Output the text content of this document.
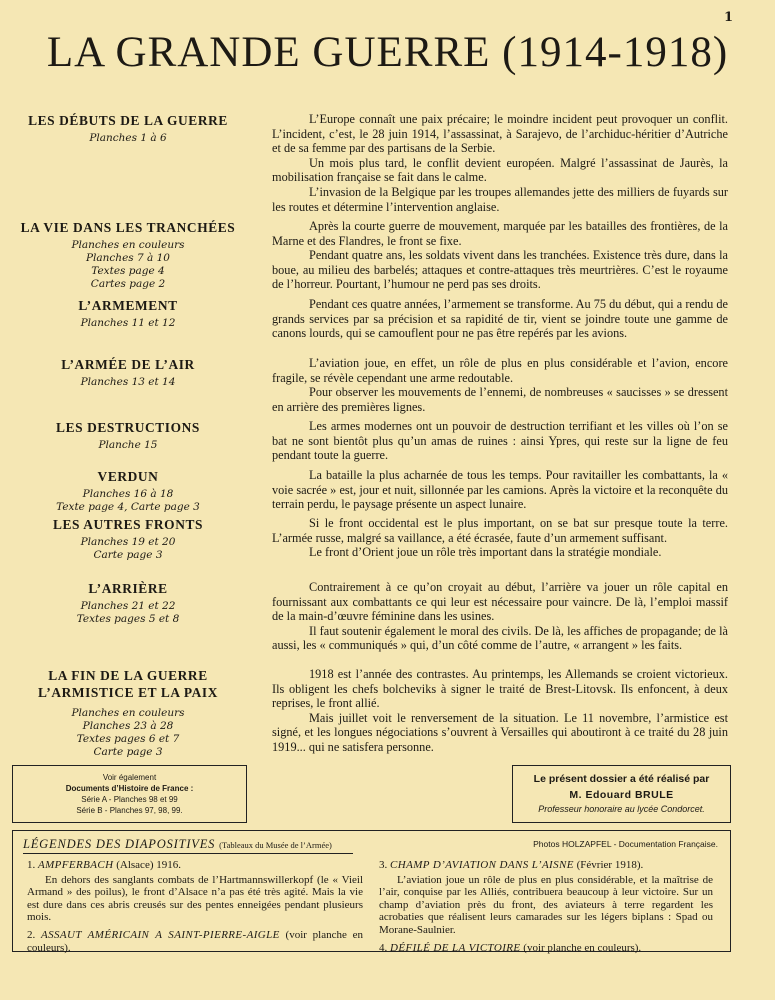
1
LA GRANDE GUERRE (1914-1918)
LES DÉBUTS DE LA GUERRE
Planches 1 à 6

L’Europe connaît une paix précaire; le moindre incident peut provoquer un conflit. L’incident, c’est, le 28 juin 1914, l’assassinat, à Sarajevo, de l’archiduc-héritier d’Autriche et de sa femme par des partisans de la Serbie.

Un mois plus tard, le conflit devient européen. Malgré l’assassinat de Jaurès, la mobilisation française se fait dans le calme.

L’invasion de la Belgique par les troupes allemandes jette des milliers de fuyards sur les routes et détermine l’intervention anglaise.

LA VIE DANS LES TRANCHÉES
Planches en couleurs
Planches 7 à 10
Textes page 4
Cartes page 2

Après la courte guerre de mouvement, marquée par les batailles des frontières, de la Marne et des Flandres, le front se fixe.

Pendant quatre ans, les soldats vivent dans les tranchées. Existence très dure, dans la boue, au milieu des barbelés; attaques et contre-attaques très meurtrières. C’est le royaume de l’horreur. Pourtant, l’humour ne perd pas ses droits.

L’ARMEMENT
Planches 11 et 12

Pendant ces quatre années, l’armement se transforme. Au 75 du début, qui a rendu de grands services par sa précision et sa rapidité de tir, vient se joindre toute une gamme de canons lourds, qui se camouflent pour ne pas être repérés par les avions.

L’ARMÉE DE L’AIR
Planches 13 et 14

L’aviation joue, en effet, un rôle de plus en plus considérable et l’avion, encore fragile, se révèle cependant une arme redoutable.

Pour observer les mouvements de l’ennemi, de nombreuses « saucisses » se dressent en arrière des premières lignes.

LES DESTRUCTIONS
Planche 15

Les armes modernes ont un pouvoir de destruction terrifiant et les villes où l’on se bat ne sont bientôt plus qu’un amas de ruines : ainsi Ypres, qui reste sur la ligne de feu pendant toute la guerre.

VERDUN
Planches 16 à 18
Texte page 4, Carte page 3

La bataille la plus acharnée de tous les temps. Pour ravitailler les combattants, la « voie sacrée » est, jour et nuit, sillonnée par les camions. Après la victoire et la reconquête du terrain perdu, le paysage présente un aspect lunaire.

LES AUTRES FRONTS
Planches 19 et 20
Carte page 3

Si le front occidental est le plus important, on se bat sur presque toute la terre. L’armée russe, malgré sa vaillance, a été écrasée, faute d’un armement suffisant.

Le front d’Orient joue un rôle très important dans la stratégie mondiale.

L’ARRIÈRE
Planches 21 et 22
Textes pages 5 et 8

Contrairement à ce qu’on croyait au début, l’arrière va jouer un rôle capital en fournissant aux combattants ce qui leur est nécessaire pour vaincre. De là, l’emploi massif de la main-d’œuvre féminine dans les usines.

Il faut soutenir également le moral des civils. De là, les affiches de propagande; de là aussi, les « communiqués » qui, d’un côté comme de l’autre, « arrangent » les faits.

LA FIN DE LA GUERRE L’ARMISTICE ET LA PAIX
Planches en couleurs
Planches 23 à 28
Textes pages 6 et 7
Carte page 3

1918 est l’année des contrastes. Au printemps, les Allemands se croient victorieux. Ils obligent les chefs bolcheviks à signer le traité de Brest-Litovsk. Ils enfoncent, à deux reprises, le front allié.

Mais juillet voit le renversement de la situation. Le 11 novembre, l’armistice est signé, et les longues négociations s’ouvrent à Versailles qui aboutiront à ce traité du 28 juin 1919... qui ne satisfera personne.

Voir également
Documents d’Histoire de France :
Série A - Planches 98 et 99
Série B - Planches 97, 98, 99.
Le présent dossier a été réalisé par
M. Edouard BRULE
Professeur honoraire au lycée Condorcet.
LÉGENDES DES DIAPOSITIVES (Tableaux du Musée de l’Armée)	Photos HOLZAPFEL - Documentation Française.

1. AMPFERBACH (Alsace) 1916.

En dehors des sanglants combats de l’Hartmannswillerkopf (le « Vieil Armand » des poilus), le front d’Alsace n’a pas été très agité. Mais la vie est dure dans ces abris creusés sur des pentes enneigées pendant plusieurs mois.

2. ASSAUT AMÉRICAIN A SAINT-PIERRE-AIGLE (voir planche en couleurs).

3. CHAMP D’AVIATION DANS L’AISNE (Février 1918).

L’aviation joue un rôle de plus en plus considérable, et la maîtrise de l’air, conquise par les Alliés, contribuera beaucoup à leur victoire. Sur un champ d’aviation près du front, des aviateurs à terre regardent les acrobaties que réalisent leurs camarades sur les légers biplans : Spad ou Morane-Saulnier.

4. DÉFILÉ DE LA VICTOIRE (voir planche en couleurs).
